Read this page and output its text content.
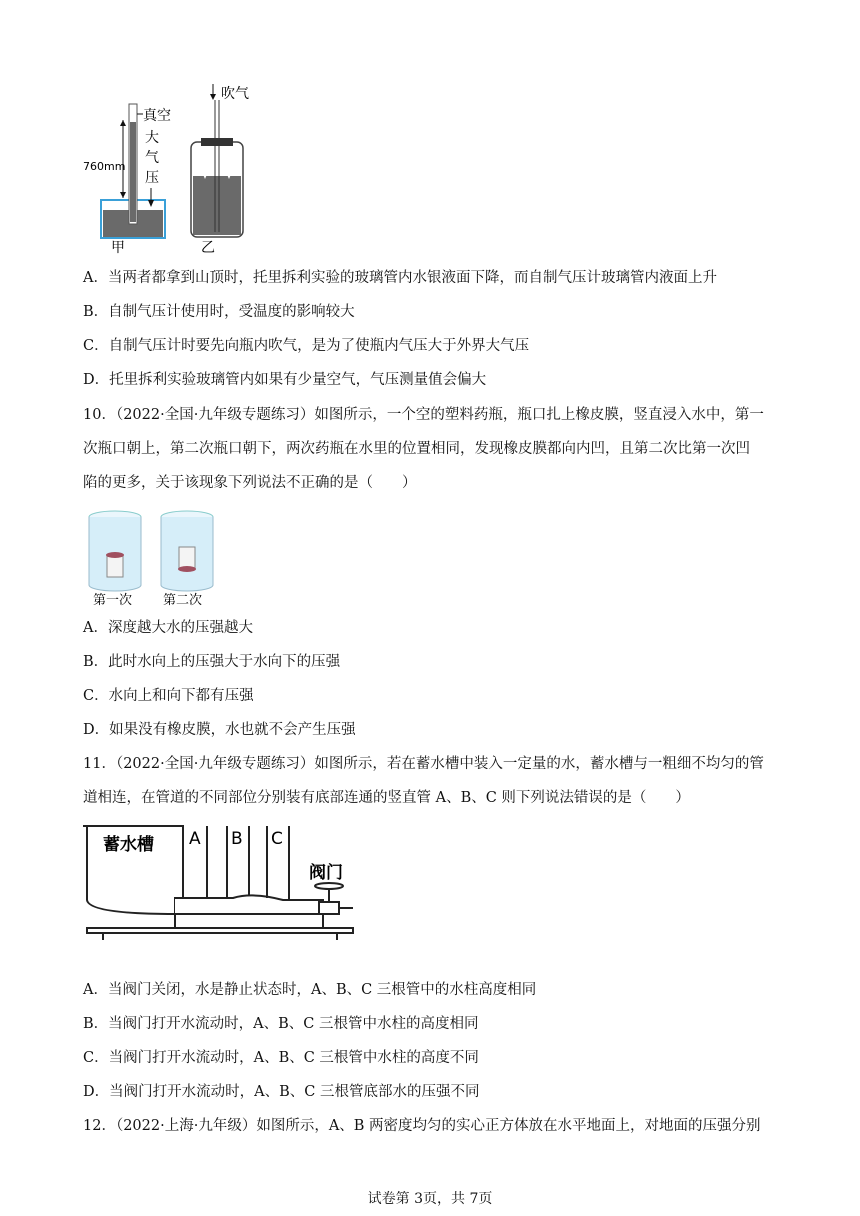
真空
大
气
压
760mm
甲
吹气
乙
A．当两者都拿到山顶时，托里拆利实验的玻璃管内水银液面下降，而自制气压计玻璃管内液面上升
B．自制气压计使用时，受温度的影响较大
C．自制气压计时要先向瓶内吹气，是为了使瓶内气压大于外界大气压
D．托里拆利实验玻璃管内如果有少量空气，气压测量值会偏大
10．（2022·全国·九年级专题练习）如图所示，一个空的塑料药瓶，瓶口扎上橡皮膜，竖直浸入水中，第一
次瓶口朝上，第二次瓶口朝下，两次药瓶在水里的位置相同，发现橡皮膜都向内凹，且第二次比第一次凹
陷的更多，关于该现象下列说法不正确的是（　　）
第一次 第二次
A．深度越大水的压强越大
B．此时水向上的压强大于水向下的压强
C．水向上和向下都有压强
D．如果没有橡皮膜，水也就不会产生压强
11．（2022·全国·九年级专题练习）如图所示，若在蓄水槽中装入一定量的水，蓄水槽与一粗细不均匀的管
道相连，在管道的不同部位分别装有底部连通的竖直管 A、B、C 则下列说法错误的是（　　）
蓄水槽 A B C
阀门
A．当阀门关闭，水是静止状态时，A、B、C 三根管中的水柱高度相同
B．当阀门打开水流动时，A、B、C 三根管中水柱的高度相同
C．当阀门打开水流动时，A、B、C 三根管中水柱的高度不同
D．当阀门打开水流动时，A、B、C 三根管底部水的压强不同
12．（2022·上海·九年级）如图所示，A、B 两密度均匀的实心正方体放在水平地面上，对地面的压强分别
试卷第 3页，共 7页
